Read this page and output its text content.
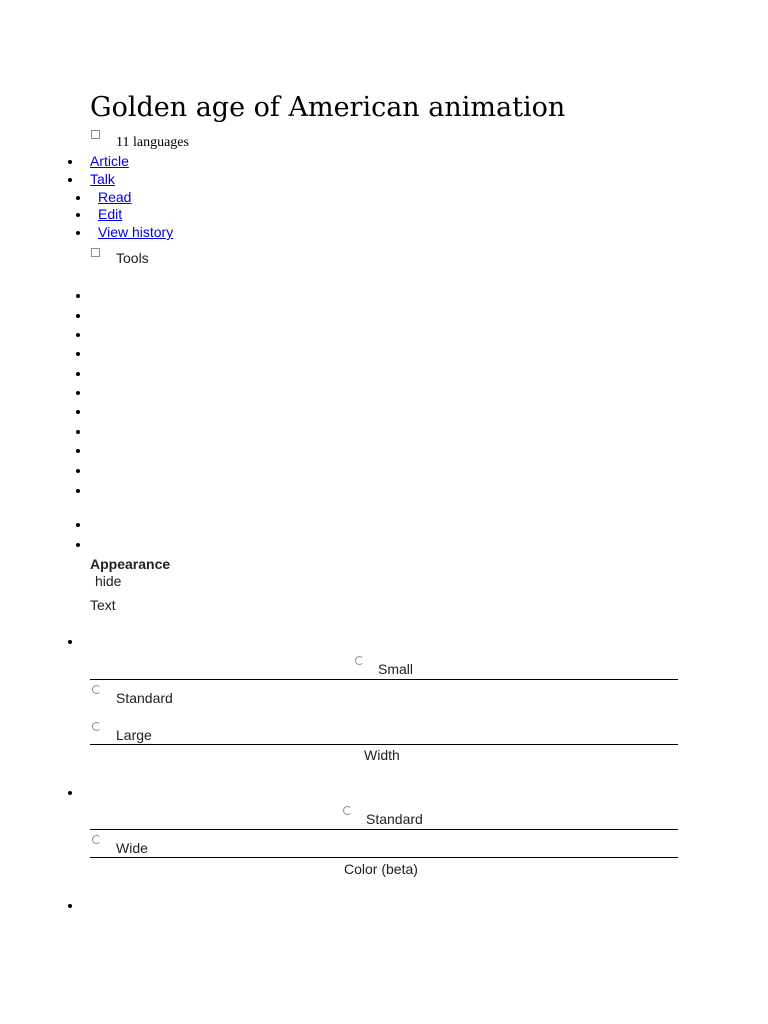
Golden age of American animation
11 languages
Article
Talk
Read
Edit
View history
Tools
Appearance
hide
Text
Small
Standard
Large
Width
Standard
Wide
Color (beta)
